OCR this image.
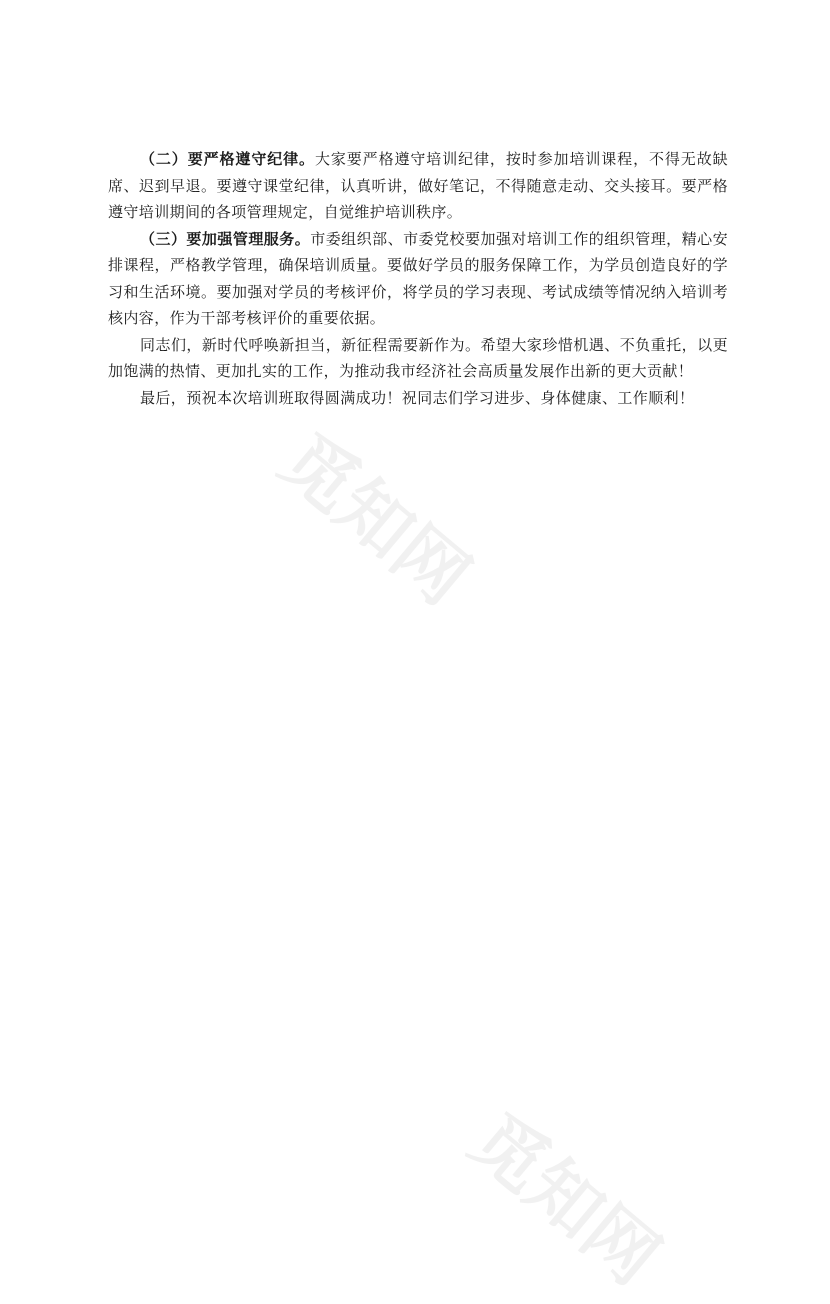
觅知网
觅知网

（二）要严格遵守纪律。大家要严格遵守培训纪律，按时参加培训课程，不得无故缺席、迟到早退。要遵守课堂纪律，认真听讲，做好笔记，不得随意走动、交头接耳。要严格遵守培训期间的各项管理规定，自觉维护培训秩序。

（三）要加强管理服务。市委组织部、市委党校要加强对培训工作的组织管理，精心安排课程，严格教学管理，确保培训质量。要做好学员的服务保障工作，为学员创造良好的学习和生活环境。要加强对学员的考核评价，将学员的学习表现、考试成绩等情况纳入培训考核内容，作为干部考核评价的重要依据。

同志们，新时代呼唤新担当，新征程需要新作为。希望大家珍惜机遇、不负重托，以更加饱满的热情、更加扎实的工作，为推动我市经济社会高质量发展作出新的更大贡献！

最后，预祝本次培训班取得圆满成功！祝同志们学习进步、身体健康、工作顺利！
